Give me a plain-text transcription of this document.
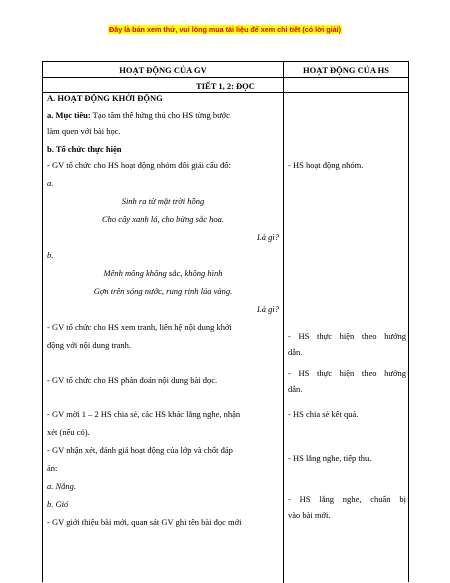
Đây là bản xem thử, vui lòng mua tài liệu để xem chi tiết (có lời giải)
HOẠT ĐỘNG CỦA GV	HOẠT ĐỘNG CỦA HS
TIẾT 1, 2: ĐỌC
A. HOẠT ĐỘNG KHỞI ĐỘNG
a. Mục tiêu: Tạo tâm thế hứng thú cho HS từng bước
làm quen với bài học.
b. Tổ chức thực hiện
- GV tổ chức cho HS hoạt động nhóm đôi giải câu đố:
a.
Sinh ra từ mặt trời hồng
Cho cây xanh lá, cho bừng sắc hoa.
Là gì?
b.
Mênh mông không sắc, không hình
Gợn trên sóng nước, rung rinh lúa vàng.
Là gì?
- GV tổ chức cho HS xem tranh, liên hệ nội dung khởi
động với nội dung tranh.
- GV tổ chức cho HS phán đoán nội dung bài đọc.
- GV mời 1 – 2 HS chia sẻ, các HS khác lắng nghe, nhận
xét (nếu có).
- GV nhận xét, đánh giá hoạt động của lớp và chốt đáp
án:
a. Nắng.
b. Gió
- GV giới thiệu bài mới, quan sát GV ghi tên bài đọc mới
- HS hoạt động nhóm.
- HS thực hiện theo hướng
dẫn.
- HS thực hiện theo hướng
dẫn.
- HS chia sẻ kết quả.
- HS lắng nghe, tiếp thu.
- HS lắng nghe, chuẩn bị
vào bài mới.
